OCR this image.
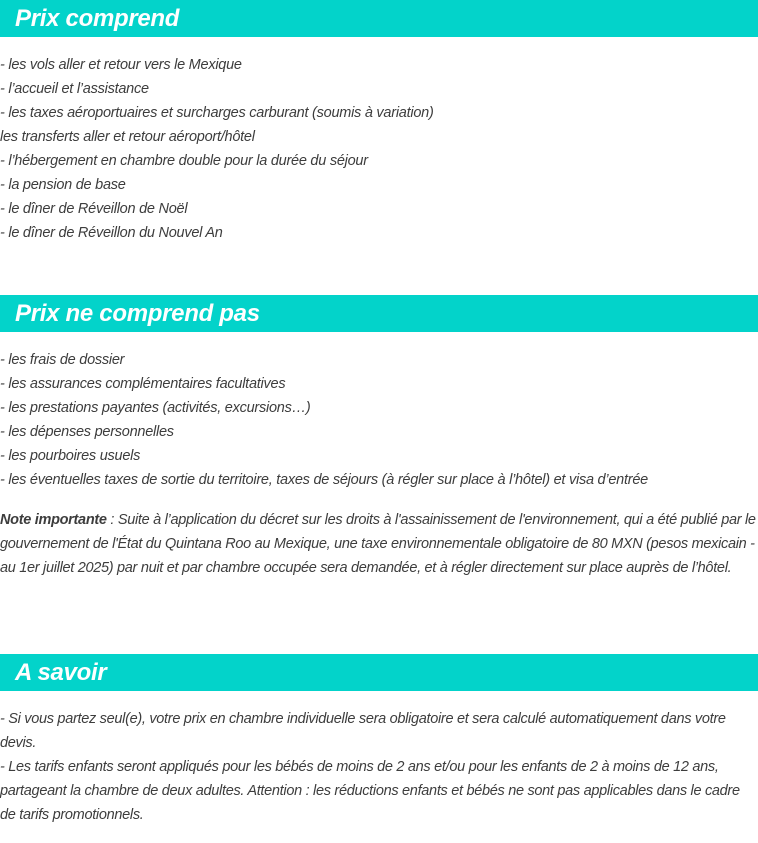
Prix comprend
- les vols aller et retour vers le Mexique
- l’accueil et l’assistance
- les taxes aéroportuaires et surcharges carburant (soumis à variation)
les transferts aller et retour aéroport/hôtel
- l’hébergement en chambre double pour la durée du séjour
- la pension de base
- le dîner de Réveillon de Noël
- le dîner de Réveillon du Nouvel An
Prix ne comprend pas
- les frais de dossier
- les assurances complémentaires facultatives
- les prestations payantes (activités, excursions…)
- les dépenses personnelles
- les pourboires usuels
- les éventuelles taxes de sortie du territoire, taxes de séjours (à régler sur place à l’hôtel) et visa d’entrée

Note importante : Suite à l’application du décret sur les droits à l'assainissement de l'environnement, qui a été publié par le gouvernement de l'État du Quintana Roo au Mexique, une taxe environnementale obligatoire de 80 MXN (pesos mexicain - au 1er juillet 2025) par nuit et par chambre occupée sera demandée, et à régler directement sur place auprès de l’hôtel.

A savoir

- Si vous partez seul(e), votre prix en chambre individuelle sera obligatoire et sera calculé automatiquement dans votre devis.

- Les tarifs enfants seront appliqués pour les bébés de moins de 2 ans et/ou pour les enfants de 2 à moins de 12 ans, partageant la chambre de deux adultes. Attention : les réductions enfants et bébés ne sont pas applicables dans le cadre de tarifs promotionnels.
